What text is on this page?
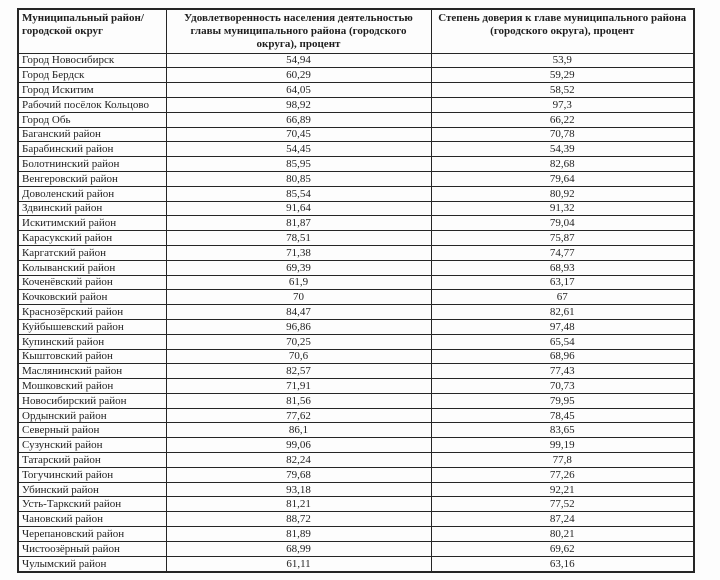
Муниципальный район/городской округ	Удовлетворенность населения деятельностью главы муниципального района (городского округа), процент	Степень доверия к главе муниципального района (городского округа), процент
Город Новосибирск	54,94	53,9
Город Бердск	60,29	59,29
Город Искитим	64,05	58,52
Рабочий посёлок Кольцово	98,92	97,3
Город Обь	66,89	66,22
Баганский район	70,45	70,78
Барабинский район	54,45	54,39
Болотнинский район	85,95	82,68
Венгеровский район	80,85	79,64
Доволенский район	85,54	80,92
Здвинский район	91,64	91,32
Искитимский район	81,87	79,04
Карасукский район	78,51	75,87
Каргатский район	71,38	74,77
Колыванский район	69,39	68,93
Коченёвский район	61,9	63,17
Кочковский район	70	67
Краснозёрский район	84,47	82,61
Куйбышевский район	96,86	97,48
Купинский район	70,25	65,54
Кыштовский район	70,6	68,96
Маслянинский район	82,57	77,43
Мошковский район	71,91	70,73
Новосибирский район	81,56	79,95
Ордынский район	77,62	78,45
Северный район	86,1	83,65
Сузунский район	99,06	99,19
Татарский район	82,24	77,8
Тогучинский район	79,68	77,26
Убинский район	93,18	92,21
Усть-Таркский район	81,21	77,52
Чановский район	88,72	87,24
Черепановский район	81,89	80,21
Чистоозёрный район	68,99	69,62
Чулымский район	61,11	63,16
